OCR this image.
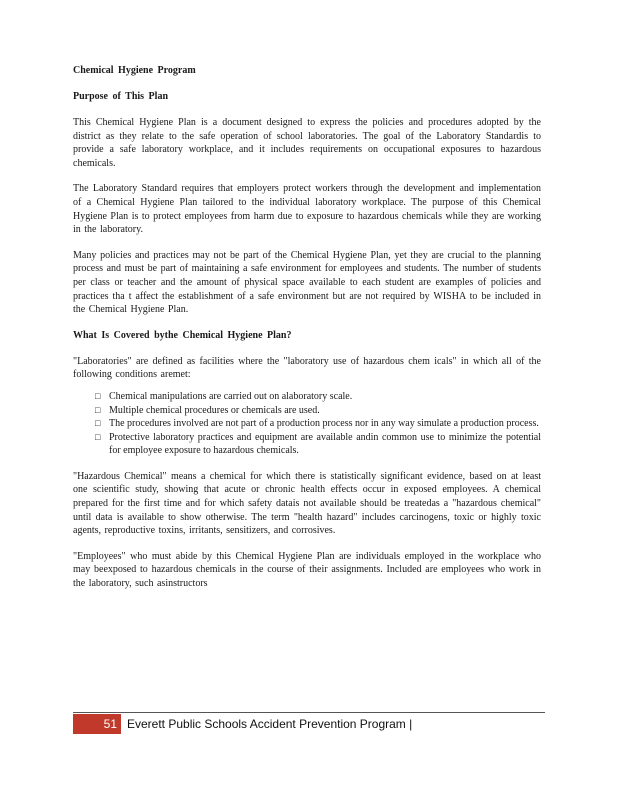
Chemical Hygiene Program
Purpose of This Plan

This Chemical Hygiene Plan is a document designed to express the policies and procedures adopted by the district as they relate to the safe operation of school laboratories. The goal of the Laboratory Standardis to provide a safe laboratory workplace, and it includes requirements on occupational exposures to hazardous chemicals.

The Laboratory Standard requires that employers protect workers through the development and implementation of a Chemical Hygiene Plan tailored to the individual laboratory workplace. The purpose of this Chemical Hygiene Plan is to protect employees from harm due to exposure to hazardous chemicals while they are working in the laboratory.

Many policies and practices may not be part of the Chemical Hygiene Plan, yet they are crucial to the planning process and must be part of maintaining a safe environment for employees and students. The number of students per class or teacher and the amount of physical space available to each student are examples of policies and practices tha t affect the establishment of a safe environment but are not required by WISHA to be included in the Chemical Hygiene Plan.

What Is Covered bythe Chemical Hygiene Plan?

"Laboratories" are defined as facilities where the "laboratory use of hazardous chem icals" in which all of the following conditions aremet:

□ Chemical manipulations are carried out on alaboratory scale.
□ Multiple chemical procedures or chemicals are used.
□ The procedures involved are not part of a production process nor in any way simulate a production process.
□ Protective laboratory practices and equipment are available andin common use to minimize the potential for employee exposure to hazardous chemicals.

"Hazardous Chemical" means a chemical for which there is statistically significant evidence, based on at least one scientific study, showing that acute or chronic health effects occur in exposed employees. A chemical prepared for the first time and for which safety datais not available should be treatedas a "hazardous chemical" until data is available to show otherwise. The term "health hazard" includes carcinogens, toxic or highly toxic agents, reproductive toxins, irritants, sensitizers, and corrosives.

"Employees" who must abide by this Chemical Hygiene Plan are individuals employed in the workplace who may beexposed to hazardous chemicals in the course of their assignments. Included are employees who work in the laboratory, such asinstructors

51 Everett Public Schools Accident Prevention Program |
